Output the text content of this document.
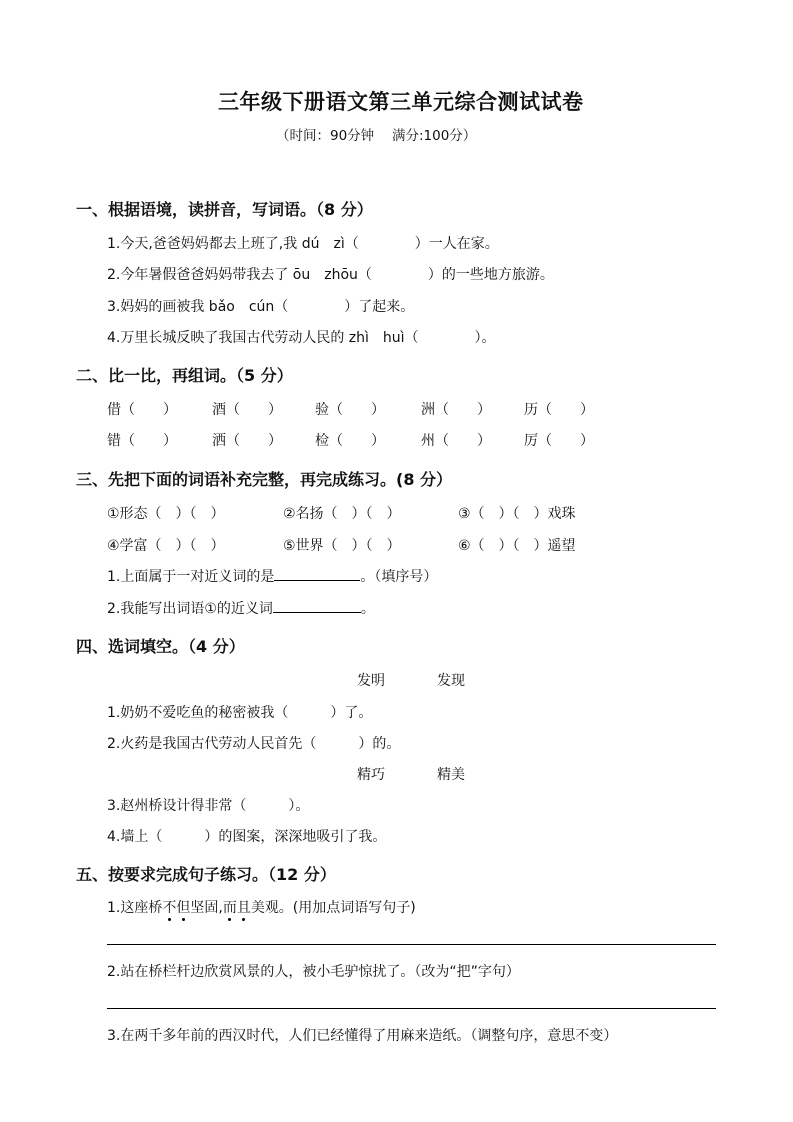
三年级下册语文第三单元综合测试试卷
（时间：90分钟　 满分:100分）
一、根据语境，读拼音，写词语。（8 分）
1.今天,爸爸妈妈都去上班了,我 dú　zì（　　　　）一人在家。
2.今年暑假爸爸妈妈带我去了 ōu　zhōu（　　　　）的一些地方旅游。
3.妈妈的画被我 bǎo　cún（　　　　）了起来。
4.万里长城反映了我国古代劳动人民的 zhì　huì（　　　　）。
二、比一比，再组词。（5 分）
借（　　）	酒（　　） 验（　　）	洲（　　） 历（　　）
错（　　）	洒（　　） 检（　　）	州（　　） 厉（　　）
三、先把下面的词语补充完整，再完成练习。(8 分）
①形态（　）（　）	②名扬（　）（　）	③（　）（　）戏珠
④学富（　）（　）	⑤世界（　）（　）	⑥（　）（　）遥望
1.上面属于一对近义词的是	。（填序号）
2.我能写出词语①的近义词	。
四、选词填空。（4 分）
发明	发现
1.奶奶不爱吃鱼的秘密被我（　　　）了。
2.火药是我国古代劳动人民首先（　　　）的。
精巧	精美
3.赵州桥设计得非常（　　　）。
4.墙上（　　　）的图案，深深地吸引了我。
五、按要求完成句子练习。（12 分）
1.这座桥不但坚固,而且美观。(用加点词语写句子)
2.站在桥栏杆边欣赏风景的人，被小毛驴惊扰了。（改为“把”字句）
3.在两千多年前的西汉时代，人们已经懂得了用麻来造纸。（调整句序，意思不变）
